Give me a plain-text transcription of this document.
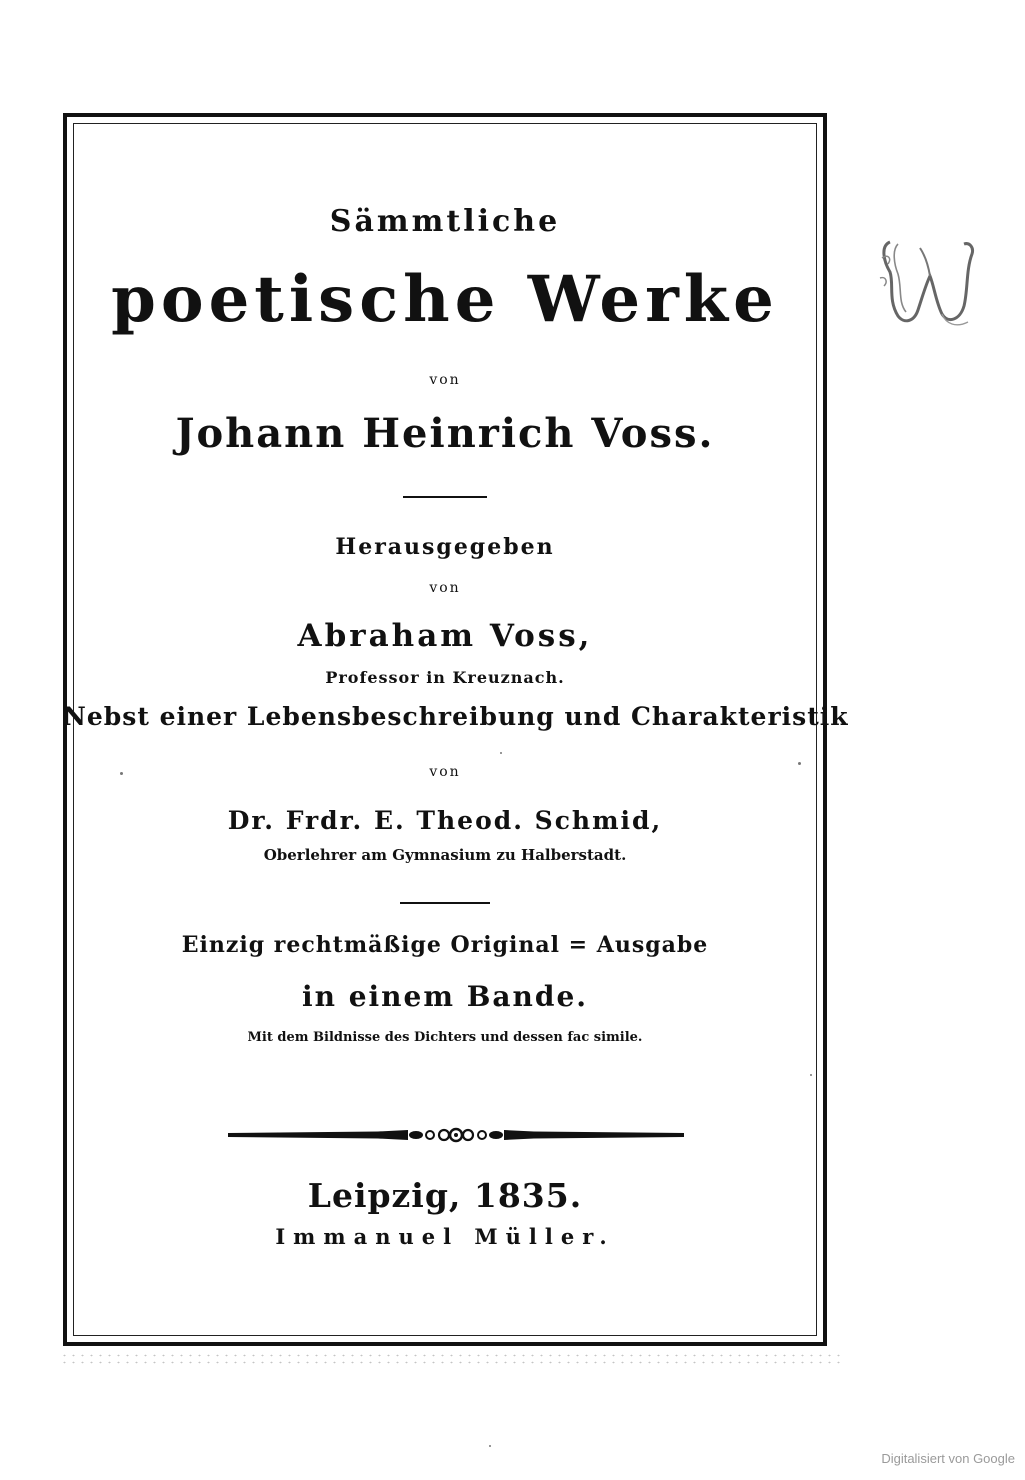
Sämmtliche
poetische Werke
von
Johann Heinrich Voss.
Herausgegeben
von
Abraham Voss,
Professor in Kreuznach.
Nebst einer Lebensbeschreibung und Charakteristik
von
Dr. Frdr. E. Theod. Schmid,
Oberlehrer am Gymnasium zu Halberstadt.
Einzig rechtmäßige Original = Ausgabe
in einem Bande.
Mit dem Bildnisse des Dichters und dessen fac simile.
Leipzig, 1835.
Immanuel Müller.
Digitalisiert von Google
